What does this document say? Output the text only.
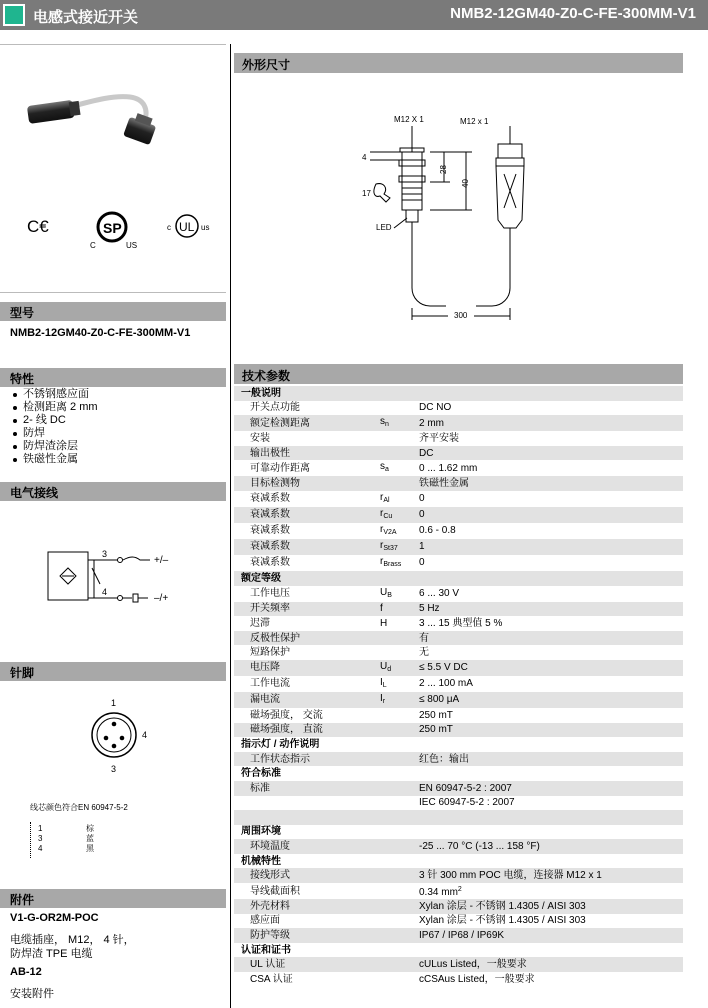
电感式接近开关	NMB2-12GM40-Z0-C-FE-300MM-V1
C€	SP
C	US
c UL us
型号
NMB2-12GM40-Z0-C-FE-300MM-V1
特性
不锈钢感应面
检测距离 2 mm
2- 线 DC
防焊
防焊渣涂层
铁磁性金属
电气接线
3
4
+/–
–/+
针脚
1
4
3
线芯颜色符合EN 60947-5-2
1	棕
3	蓝
4	黑
附件
V1-G-OR2M-POC
电缆插座， M12， 4 针，
防焊渣 TPE 电缆
AB-12
安装附件
外形尺寸
M12 X 1	M12 x 1
4
28
40
17
LED
300
技术参数
一般说明		
开关点功能		DC NO
额定检测距离	$s_n$	2 mm
安装		齐平安装
输出极性		DC
可靠动作距离	$s_a$	0 ... 1.62 mm
目标检测物		铁磁性金属
衰减系数	$r_{Al}$	0
衰减系数	$r_{Cu}$	0
衰减系数	$r_{V2A}$	0.6 - 0.8
衰减系数	$r_{St37}$	1
衰减系数	$r_{Brass}$	0
额定等级		
工作电压	$U_B$	6 ... 30 V
开关频率	f	5 Hz
迟滞	H	3 ... 15 典型值 5 %
反极性保护		有
短路保护		无
电压降	$U_d$	≤ 5.5 V DC
工作电流	$I_L$	2 ... 100 mA
漏电流	$I_r$	≤ 800 μA
磁场强度， 交流		250 mT
磁场强度， 直流		250 mT
指示灯 / 动作说明		
工作状态指示		红色：输出
符合标准		
标准		EN 60947-5-2 : 2007
		IEC 60947-5-2 : 2007

周围环境		
环境温度		-25 ... 70 °C (-13 ... 158 °F)
机械特性		
接线形式		3 针 300 mm POC 电缆，连接器 M12 x 1
导线截面积		0.34 $mm^2$
外壳材料		Xylan 涂层 - 不锈钢 1.4305 / AISI 303
感应面		Xylan 涂层 - 不锈钢 1.4305 / AISI 303
防护等级		IP67 / IP68 / IP69K
认证和证书		
UL 认证		cULus Listed，一般要求
CSA 认证		cCSAus Listed，一般要求
